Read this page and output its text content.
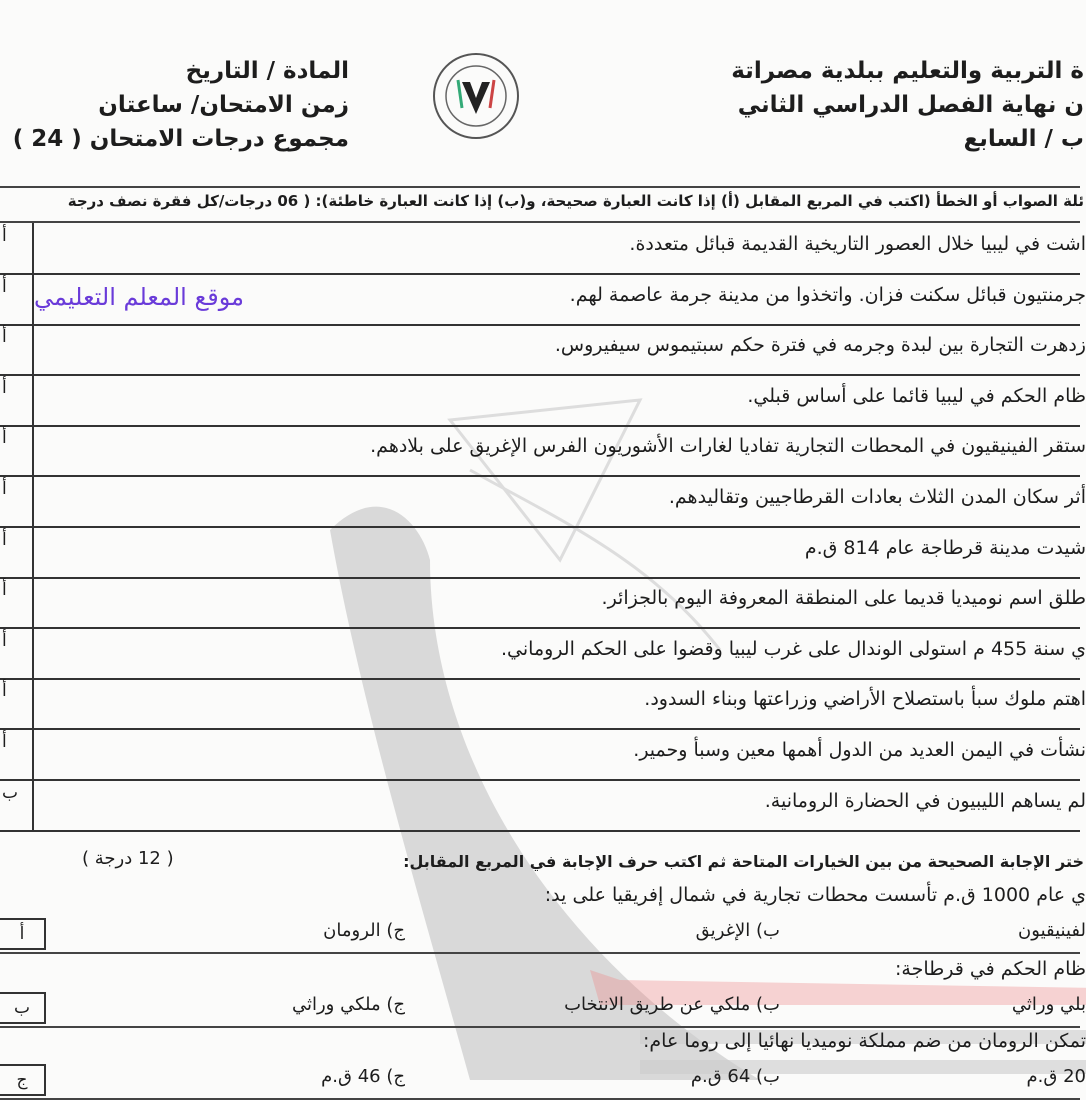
ة التربية والتعليم ببلدية مصراتة
ن نهاية الفصل الدراسي الثاني
ب / السابع
المادة / التاريخ
زمن الامتحان/ ساعتان
مجموع درجات الامتحان ( 24 )
ئلة الصواب أو الخطأ (اكتب في المربع المقابل (أ) إذا كانت العبارة صحيحة، و(ب) إذا كانت العبارة خاطئة): ( 06 درجات/كل فقرة نصف درجة
أ	اشت في ليبيا خلال العصور التاريخية القديمة قبائل متعددة.
أ	جرمنتيون قبائل سكنت فزان. واتخذوا من مدينة جرمة عاصمة لهم.
أ	زدهرت التجارة بين لبدة وجرمه في فترة حكم سبتيموس سيفيروس.
أ	ظام الحكم في ليبيا قائما على أساس قبلي.
أ	ستقر الفينيقيون في المحطات التجارية تفاديا لغارات الأشوريون الفرس الإغريق على بلادهم.
أ	أثر سكان المدن الثلاث بعادات القرطاجيين وتقاليدهم.
أ	شيدت مدينة قرطاجة عام 814 ق.م
أ	طلق اسم نوميديا قديما على المنطقة المعروفة اليوم بالجزائر.
أ	ي سنة 455 م استولى الوندال على غرب ليبيا وقضوا على الحكم الروماني.
أ	اهتم ملوك سبأ باستصلاح الأراضي وزراعتها وبناء السدود.
أ	نشأت في اليمن العديد من الدول أهمها معين وسبأ وحمير.
ب	لم يساهم الليبيون في الحضارة الرومانية.
موقع المعلم التعليمي
ختر الإجابة الصحيحة من بين الخيارات المتاحة ثم اكتب حرف الإجابة في المربع المقابل:
( 12 درجة )
ي عام 1000 ق.م تأسست محطات تجارية في شمال إفريقيا على يد:
لفينيقيون
ب) الإغريق
ج) الرومان
أ
ظام الحكم في قرطاجة:
بلي وراثي
ب) ملكي عن طريق الانتخاب
ج) ملكي وراثي
ب
تمكن الرومان من ضم مملكة نوميديا نهائيا إلى روما عام:
20 ق.م
ب) 64 ق.م
ج) 46 ق.م
ج
